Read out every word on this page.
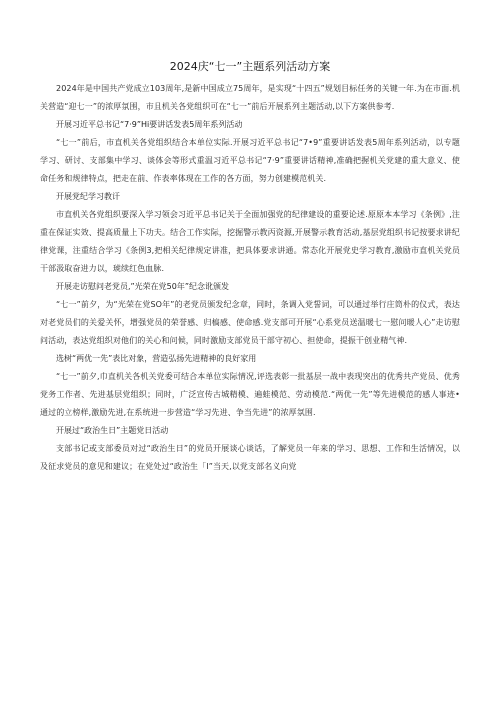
2024庆“七一”主题系列活动方案

2024年是中国共产党成立103周年,是新中国成立75周年，是实现“十四五”规划目标任务的关键一年.为在市面.机关营造“迎七一”的浓厚氛围，市且机关各党组织可在“七一”前后开展系列主题活动,以下方案供参考.

开展习近平总书记“7·9”Hi要讲话发表5周年系列活动

“七一”前后，市直机关各党组织结合本单位实际.开展习近平总书记“7•9”重要讲话发表5周年系列活动，以专题学习、研讨、支部集中学习、谈体会等形式重温习近平总书记“7·9”重要讲话精神,准确把握机关党建的重大意义、使命任务和规律特点，把走在前、作表率体现在工作的各方面，努力创建模范机关.

开展党纪学习教讦

市直机关各党组织要深入学习领会习近平总书记关于全面加强党的纪律建设的重要论述.原原本本学习《条例》,注重在保证实效、提高质量上下功夫。结合工作实际，挖掘警示教丙资源,开展警示教育活动,基层党组织书记按要求讲纪律党课，注重结合学习《条例3,把相关纪律规定讲准，把具体要求讲通。常态化开展党史学习教育,激励市直机关党员干部汲取奋进力以，琥续红色血脉.

开展走访慰问老党员,”光荣在党50年”纪念讹颁发

“七一”前夕，为“光荣在党SO年”的老党员颁发纪念章，同时，条调入党誓词，可以通过举行庄筒朴的仪式，表达对老党员们的关爱关怀，增强党员的荣誉感、归槁感、使命感.党支部可开展“心系党员送温暖七一慰问暖人心”走访慰问活动，表达党组织对他们的关心和问候，同时激励支部党员干部守初心、担使命，提振干创业精气神.

选树“两优一先”表比对象，营造弘扬先进精神的良好家用

“七一”前夕,巾直机关各机关党委可结合本单位实际情况,评选表彰一批基层一战中表现突出的优秀共产党员、优秀党务工作者、先进基层党组织；同时，广泛宣传古城精模、遍蛙模范、劳动模范.“两优一先”等先进模范的感人事迹•通过的立榜样,激励先进,在系统进一步营造“学习先进、争当先进”的浓厚氛围.

开展过“政治生日”主题党日活动

支部书记或支部委员对过“政治生日”的党员开展谈心谈话，了解党员一年来的学习、思想、工作和生活情况，以及征求党员的意见和建议；在党处过“政治生「I”当天,以党支部名义向党
